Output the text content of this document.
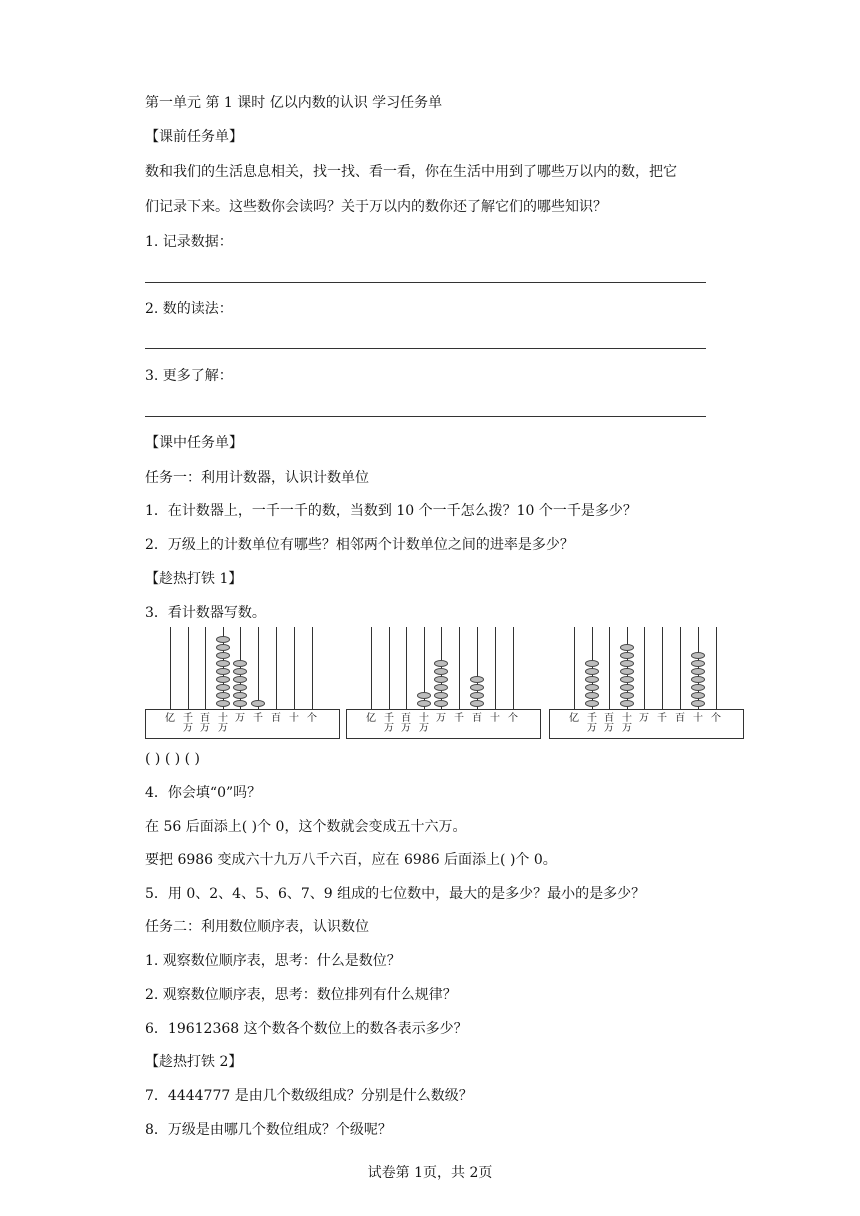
第一单元 第 1 课时 亿以内数的认识 学习任务单
【课前任务单】
数和我们的生活息息相关，找一找、看一看，你在生活中用到了哪些万以内的数，把它
们记录下来。这些数你会读吗？关于万以内的数你还了解它们的哪些知识？
1. 记录数据：
2. 数的读法：
3. 更多了解：
【课中任务单】
任务一：利用计数器，认识计数单位
1．在计数器上，一千一千的数，当数到 10 个一千怎么拨？10 个一千是多少？
2．万级上的计数单位有哪些？相邻两个计数单位之间的进率是多少？
【趁热打铁 1】
3．看计数器写数。
亿 千
万
百
万
十
万
万 千 百 十 个	亿 千
万
百
万
十
万
万 千 百 十 个	亿 千
万
百
万
十
万
万 千 百 十 个
( ) ( ) ( )
4．你会填“0”吗？
在 56 后面添上( )个 0，这个数就会变成五十六万。
要把 6986 变成六十九万八千六百，应在 6986 后面添上( )个 0。
5．用 0、2、4、5、6、7、9 组成的七位数中，最大的是多少？最小的是多少？
任务二：利用数位顺序表，认识数位
1. 观察数位顺序表，思考：什么是数位？
2. 观察数位顺序表，思考：数位排列有什么规律？
6．19612368 这个数各个数位上的数各表示多少？
【趁热打铁 2】
7．4444777 是由几个数级组成？分别是什么数级？
8．万级是由哪几个数位组成？个级呢？
试卷第 1页，共 2页
